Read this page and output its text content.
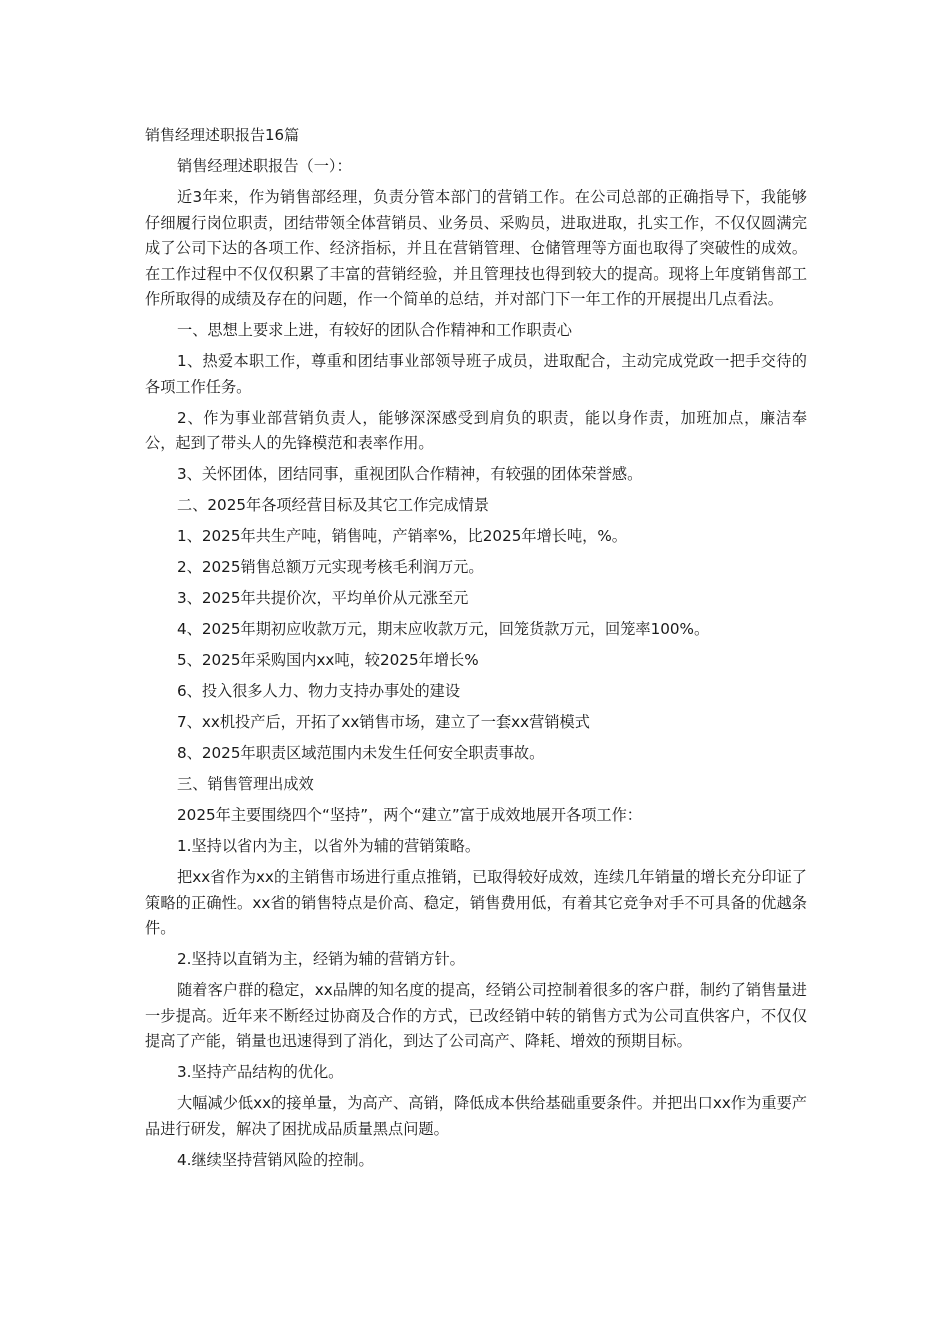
销售经理述职报告16篇

销售经理述职报告（一）：

近3年来，作为销售部经理，负责分管本部门的营销工作。在公司总部的正确指导下，我能够仔细履行岗位职责，团结带领全体营销员、业务员、采购员，进取进取，扎实工作，不仅仅圆满完成了公司下达的各项工作、经济指标，并且在营销管理、仓储管理等方面也取得了突破性的成效。在工作过程中不仅仅积累了丰富的营销经验，并且管理技也得到较大的提高。现将上年度销售部工作所取得的成绩及存在的问题，作一个简单的总结，并对部门下一年工作的开展提出几点看法。

一、思想上要求上进，有较好的团队合作精神和工作职责心

1、热爱本职工作，尊重和团结事业部领导班子成员，进取配合，主动完成党政一把手交待的各项工作任务。

2、作为事业部营销负责人，能够深深感受到肩负的职责，能以身作责，加班加点，廉洁奉公，起到了带头人的先锋模范和表率作用。

3、关怀团体，团结同事，重视团队合作精神，有较强的团体荣誉感。

二、2025年各项经营目标及其它工作完成情景

1、2025年共生产吨，销售吨，产销率%，比2025年增长吨，%。

2、2025销售总额万元实现考核毛利润万元。

3、2025年共提价次，平均单价从元涨至元

4、2025年期初应收款万元，期末应收款万元，回笼货款万元，回笼率100%。

5、2025年采购国内xx吨，较2025年增长%

6、投入很多人力、物力支持办事处的建设

7、xx机投产后，开拓了xx销售市场，建立了一套xx营销模式

8、2025年职责区域范围内未发生任何安全职责事故。

三、销售管理出成效

2025年主要围绕四个“坚持”，两个“建立”富于成效地展开各项工作：

1.坚持以省内为主，以省外为辅的营销策略。

把xx省作为xx的主销售市场进行重点推销，已取得较好成效，连续几年销量的增长充分印证了策略的正确性。xx省的销售特点是价高、稳定，销售费用低，有着其它竞争对手不可具备的优越条件。

2.坚持以直销为主，经销为辅的营销方针。

随着客户群的稳定，xx品牌的知名度的提高，经销公司控制着很多的客户群，制约了销售量进一步提高。近年来不断经过协商及合作的方式，已改经销中转的销售方式为公司直供客户，不仅仅提高了产能，销量也迅速得到了消化，到达了公司高产、降耗、增效的预期目标。

3.坚持产品结构的优化。

大幅减少低xx的接单量，为高产、高销，降低成本供给基础重要条件。并把出口xx作为重要产品进行研发，解决了困扰成品质量黑点问题。

4.继续坚持营销风险的控制。
